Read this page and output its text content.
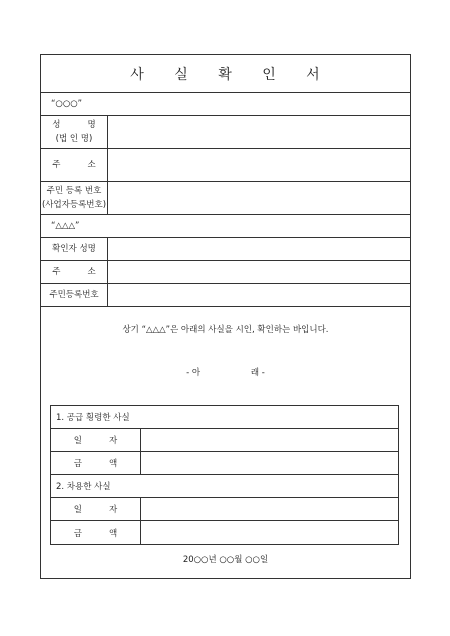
사 실 확 인 서
“○○○”
성          명
(법 인 명)
주          소
주민 등록 번호
(사업자등록번호)
“△△△”
확인자 성명
주          소
주민등록번호
상기 “△△△”은 아래의 사실을 시인, 확인하는 바입니다.
- 아	래 -
1. 공급 횡령한 사실
일          자
금          액
2. 차용한 사실
일          자
금          액
20○○년 ○○월 ○○일
